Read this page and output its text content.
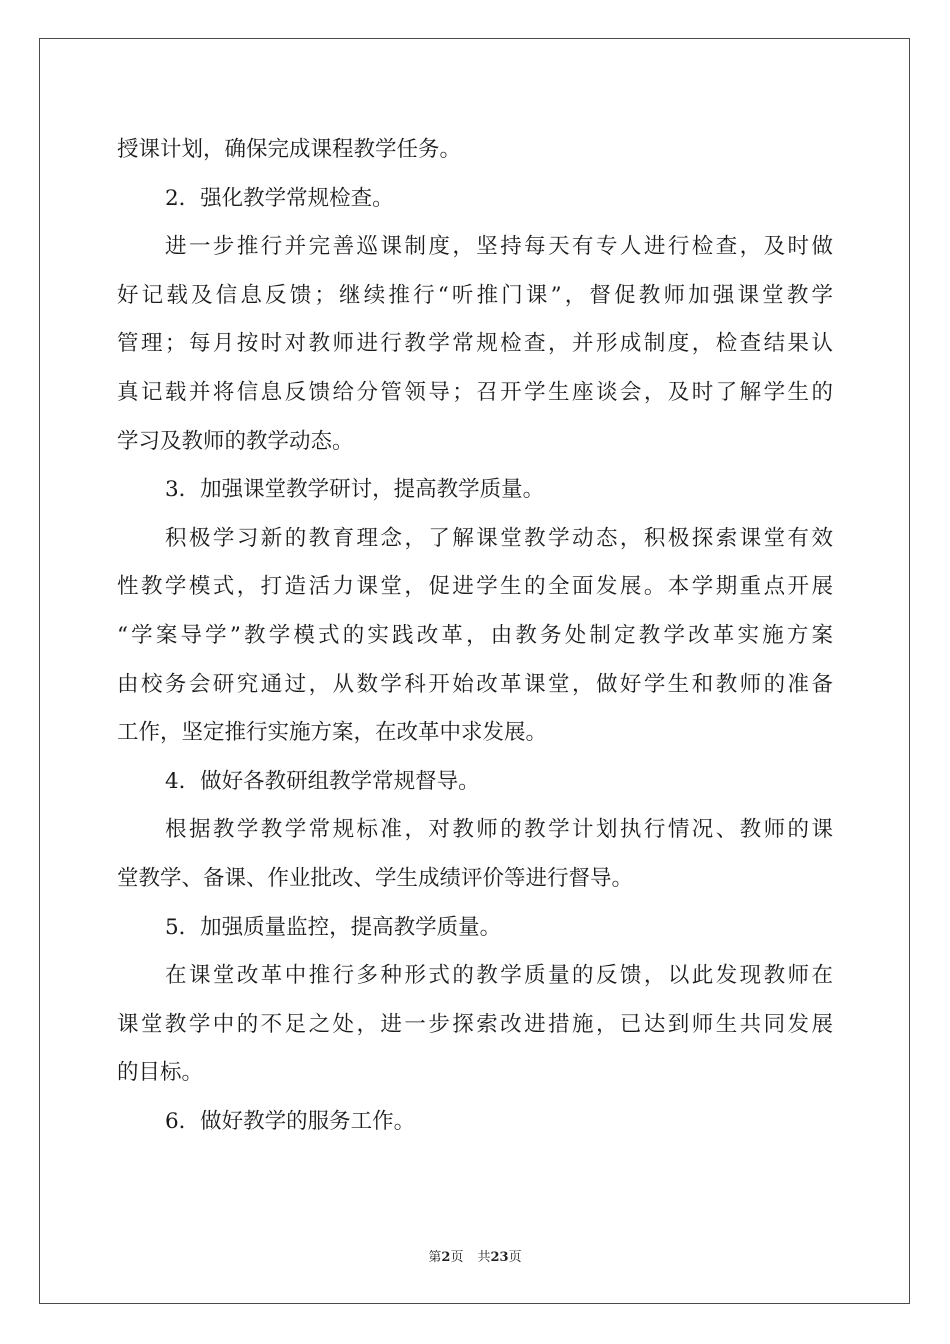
授课计划，确保完成课程教学任务。
2．强化教学常规检查。
进一步推行并完善巡课制度，坚持每天有专人进行检查，及时做
好记载及信息反馈；继续推行“听推门课”，督促教师加强课堂教学
管理；每月按时对教师进行教学常规检查，并形成制度，检查结果认
真记载并将信息反馈给分管领导；召开学生座谈会，及时了解学生的
学习及教师的教学动态。
3．加强课堂教学研讨，提高教学质量。
积极学习新的教育理念，了解课堂教学动态，积极探索课堂有效
性教学模式，打造活力课堂，促进学生的全面发展。本学期重点开展
“学案导学”教学模式的实践改革，由教务处制定教学改革实施方案
由校务会研究通过，从数学科开始改革课堂，做好学生和教师的准备
工作，坚定推行实施方案，在改革中求发展。
4．做好各教研组教学常规督导。
根据教学教学常规标准，对教师的教学计划执行情况、教师的课
堂教学、备课、作业批改、学生成绩评价等进行督导。
5．加强质量监控，提高教学质量。
在课堂改革中推行多种形式的教学质量的反馈，以此发现教师在
课堂教学中的不足之处，进一步探索改进措施，已达到师生共同发展
的目标。
6．做好教学的服务工作。
第2页 共23页
